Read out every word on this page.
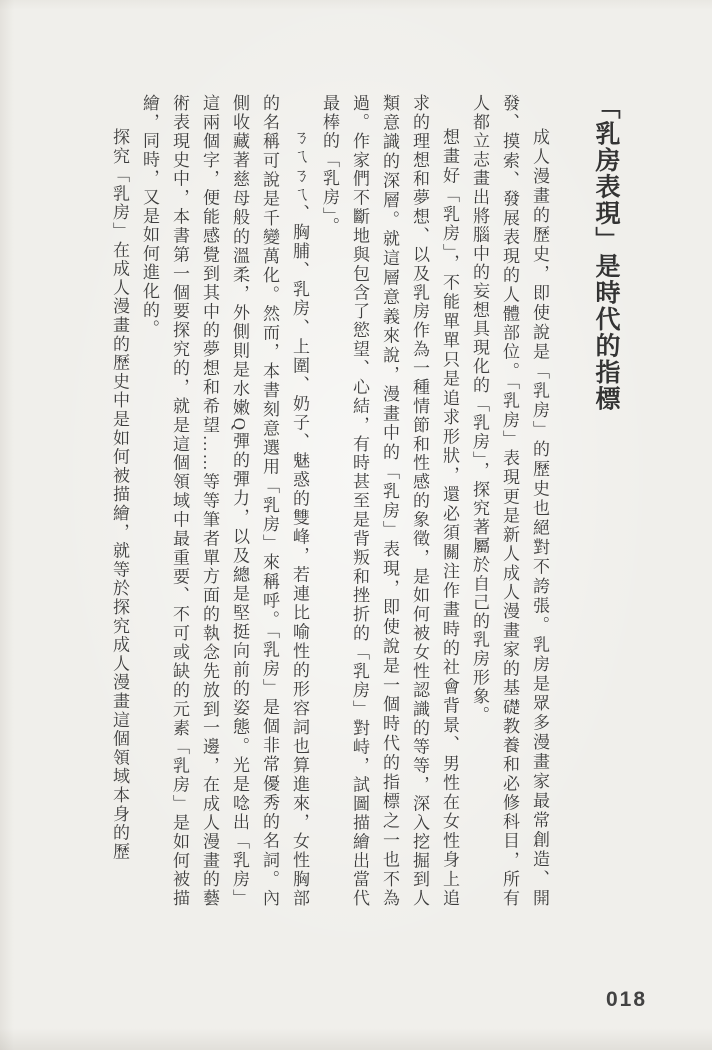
「乳房表現」是時代的指標

成人漫畫的歷史，即使說是「乳房」的歷史也絕對不誇張。乳房是眾多漫畫家最常創造、開發、摸索、發展表現的人體部位。「乳房」表現更是新人成人漫畫家的基礎教養和必修科目，所有人都立志畫出將腦中的妄想具現化的「乳房」，探究著屬於自己的乳房形象。

想畫好「乳房」，不能單單只是追求形狀，還必須關注作畫時的社會背景、男性在女性身上追求的理想和夢想、以及乳房作為一種情節和性感的象徵，是如何被女性認識的等等，深入挖掘到人類意識的深層。就這層意義來說，漫畫中的「乳房」表現，即使說是一個時代的指標之一也不為過。作家們不斷地與包含了慾望、心結，有時甚至是背叛和挫折的「乳房」對峙，試圖描繪出當代最棒的「乳房」。

ㄋㄟㄋㄟ、胸脯、乳房、上圍、奶子、魅惑的雙峰，若連比喻性的形容詞也算進來，女性胸部的名稱可說是千變萬化。然而，本書刻意選用「乳房」來稱呼。「乳房」是個非常優秀的名詞。內側收藏著慈母般的溫柔，外側則是水嫩Q彈的彈力，以及總是堅挺向前的姿態。光是唸出「乳房」這兩個字，便能感覺到其中的夢想和希望……等等筆者單方面的執念先放到一邊，在成人漫畫的藝術表現史中，本書第一個要探究的，就是這個領域中最重要、不可或缺的元素「乳房」是如何被描繪，同時，又是如何進化的。

探究「乳房」在成人漫畫的歷史中是如何被描繪，就等於探究成人漫畫這個領域本身的歷

018
